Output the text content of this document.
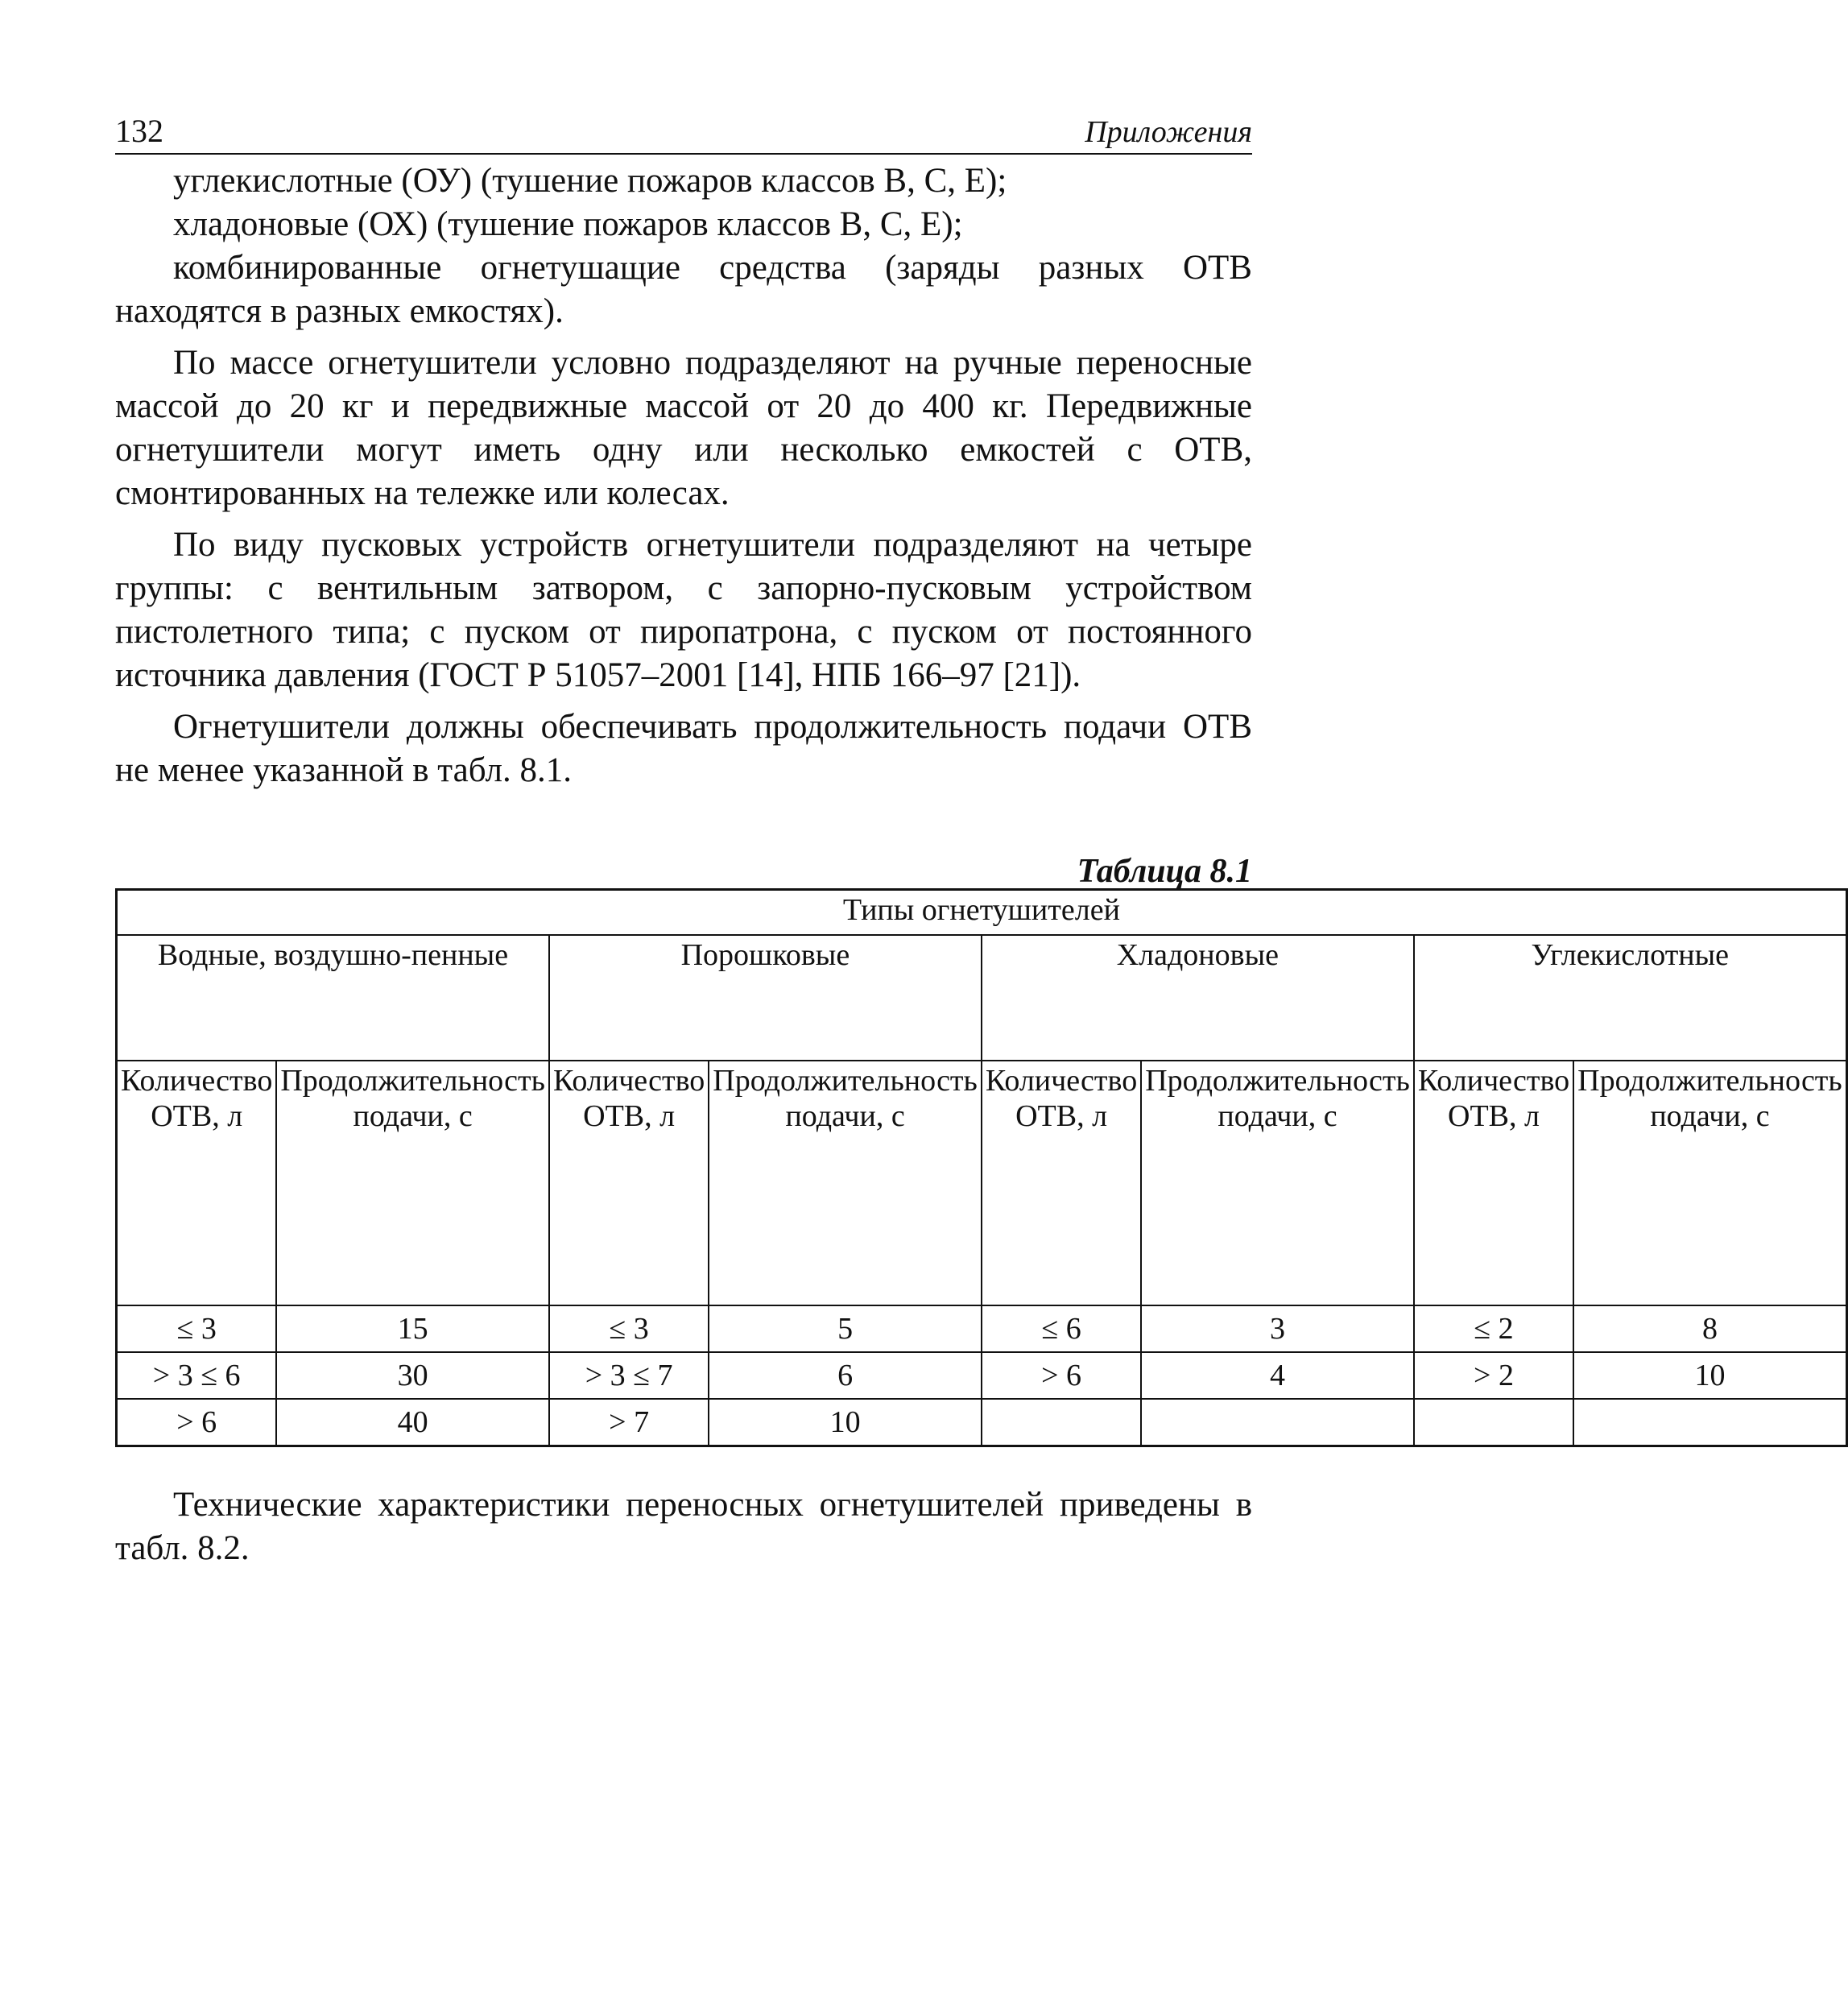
132	Приложения

углекислотные (ОУ) (тушение пожаров классов В, С, Е);

хладоновые (ОХ) (тушение пожаров классов В, С, Е);

комбинированные огнетушащие средства (заряды разных ОТВ находятся в разных емкостях).

По массе огнетушители условно подразделяют на ручные переносные массой до 20 кг и передвижные массой от 20 до 400 кг. Передвижные огнетушители могут иметь одну или несколько емкостей с ОТВ, смонтированных на тележке или колесах.

По виду пусковых устройств огнетушители подразделяют на четыре группы: с вентильным затвором, с запорно-пусковым устройством пистолетного типа; с пуском от пиропатрона, с пуском от постоянного источника давления (ГОСТ Р 51057–2001 [14], НПБ 166–97 [21]).

Огнетушители должны обеспечивать продолжительность подачи ОТВ не менее указанной в табл. 8.1.

Таблица 8.1
Типы огнетушителей							
Водные, воздушно-пенные		Порошковые		Хладоновые		Углекислотные	
Количество ОТВ, л	Продолжительность подачи, с	Количество ОТВ, л	Продолжительность подачи, с	Количество ОТВ, л	Продолжительность подачи, с	Количество ОТВ, л	Продолжительность подачи, с
≤ 3	15	≤ 3	5	≤ 6	3	≤ 2	8
> 3 ≤ 6	30	> 3 ≤ 7	6	> 6	4	> 2	10
> 6	40	> 7	10				

Технические характеристики переносных огнетушителей приведены в табл. 8.2.
